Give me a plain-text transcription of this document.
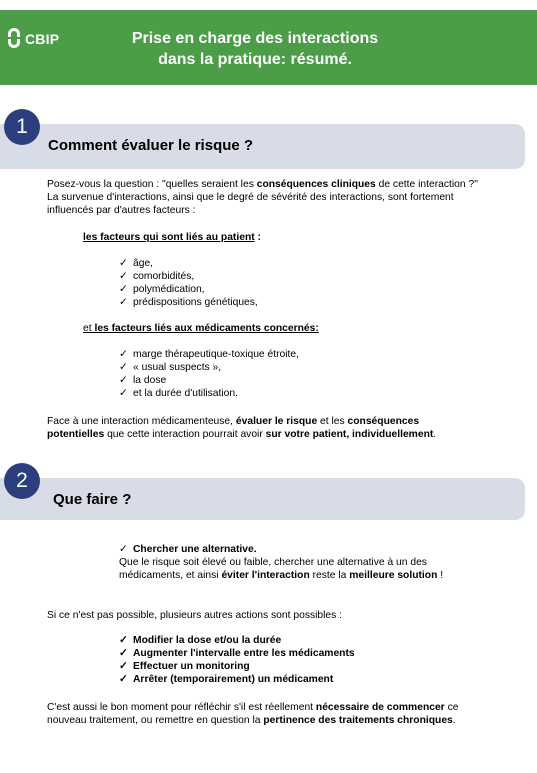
CBIP	Prise en charge des interactions
dans la pratique: résumé.
1
Comment évaluer le risque ?
Posez-vous la question : "quelles seraient les conséquences cliniques de cette interaction ?"
La survenue d'interactions, ainsi que le degré de sévérité des interactions, sont fortement
influencés par d'autres facteurs :
les facteurs qui sont liés au patient :
✓ âge,
✓ comorbidités,
✓ polymédication,
✓ prédispositions génétiques,
et les facteurs liés aux médicaments concernés:
✓ marge thérapeutique-toxique étroite,
✓ « usual suspects »,
✓ la dose
✓ et la durée d'utilisation.
Face à une interaction médicamenteuse, évaluer le risque et les conséquences
potentielles que cette interaction pourrait avoir sur votre patient, individuellement.
2
Que faire ?
✓ Chercher une alternative.
Que le risque soit élevé ou faible, chercher une alternative à un des
médicaments, et ainsi éviter l'interaction reste la meilleure solution !
Si ce n'est pas possible, plusieurs autres actions sont possibles :
✓ Modifier la dose et/ou la durée
✓ Augmenter l'intervalle entre les médicaments
✓ Effectuer un monitoring
✓ Arrêter (temporairement) un médicament
C'est aussi le bon moment pour réfléchir s'il est réellement nécessaire de commencer ce
nouveau traitement, ou remettre en question la pertinence des traitements chroniques.
